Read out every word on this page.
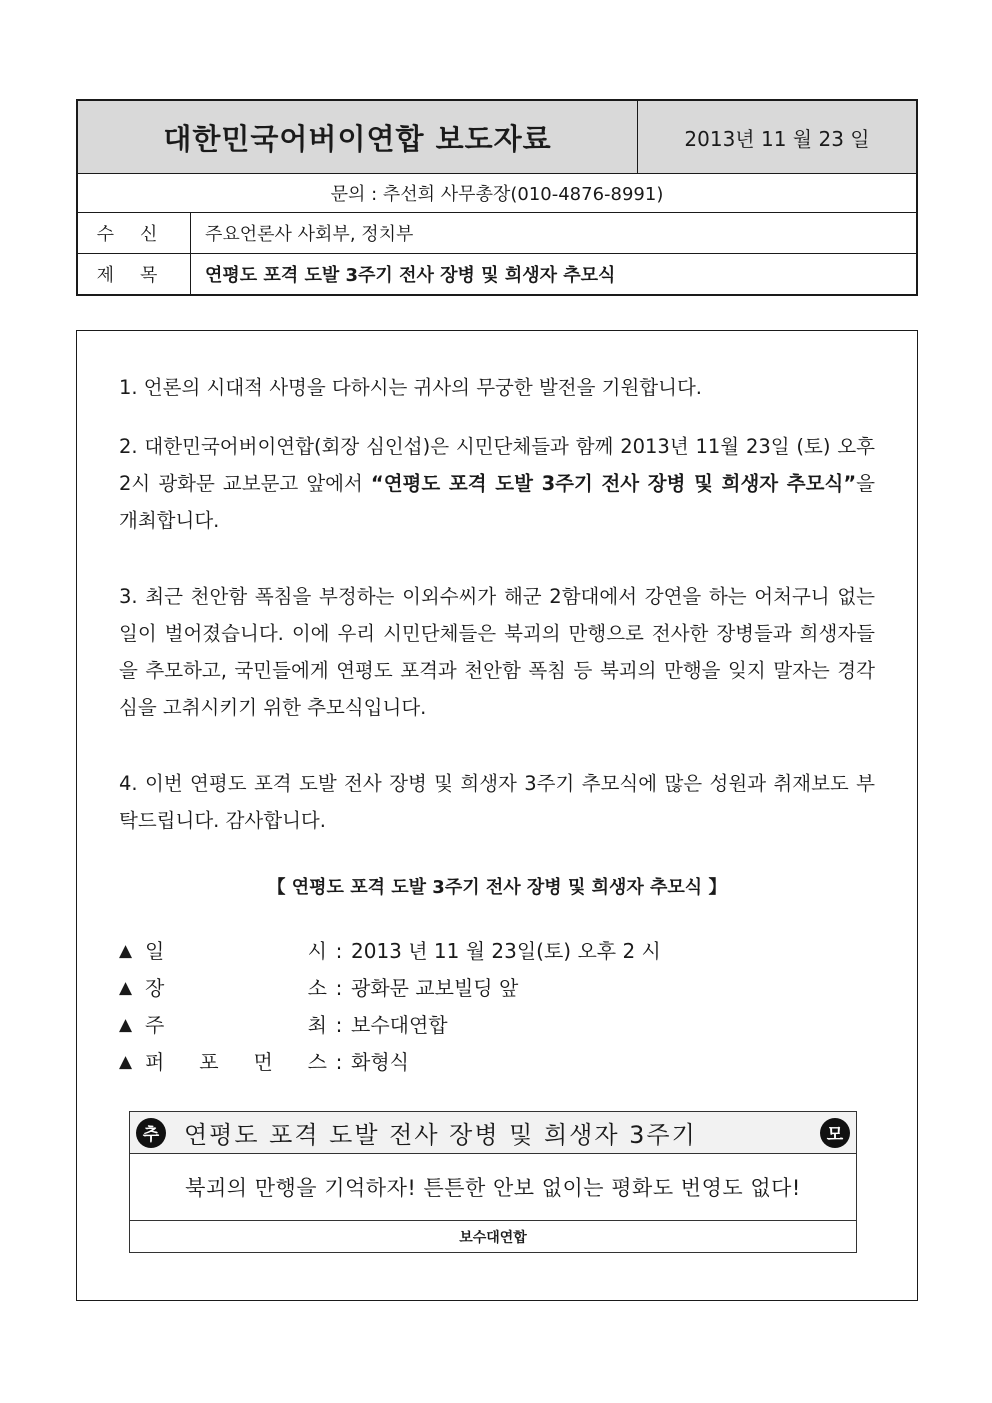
대한민국어버이연합 보도자료	2013년 11 월 23 일
문의 : 추선희 사무총장(010-4876-8991)

수신	주요언론사 사회부, 정치부

제목	연평도 포격 도발 3주기 전사 장병 및 희생자 추모식

1. 언론의 시대적 사명을 다하시는 귀사의 무궁한 발전을 기원합니다.

2. 대한민국어버이연합(회장 심인섭)은 시민단체들과 함께 2013년 11월 23일 (토) 오후 2시 광화문 교보문고 앞에서 “연평도 포격 도발 3주기 전사 장병 및 희생자 추모식”을 개최합니다.

3. 최근 천안함 폭침을 부정하는 이외수씨가 해군 2함대에서 강연을 하는 어처구니 없는 일이 벌어졌습니다. 이에 우리 시민단체들은 북괴의 만행으로 전사한 장병들과 희생자들을 추모하고, 국민들에게 연평도 포격과 천안함 폭침 등 북괴의 만행을 잊지 말자는 경각심을 고취시키기 위한 추모식입니다.

4. 이번 연평도 포격 도발 전사 장병 및 희생자 3주기 추모식에 많은 성원과 취재보도 부탁드립니다. 감사합니다.

【 연평도 포격 도발 3주기 전사 장병 및 희생자 추모식 】
▲ 일	시 : 2013 년 11 월 23일(토) 오후 2 시
▲ 장	소 : 광화문 교보빌딩 앞
▲ 주	최 : 보수대연합
▲ 퍼 포 먼 스 : 화형식
추	연평도 포격 도발 전사 장병 및 희생자 3주기	모
북괴의 만행을 기억하자! 튼튼한 안보 없이는 평화도 번영도 없다!
보수대연합
